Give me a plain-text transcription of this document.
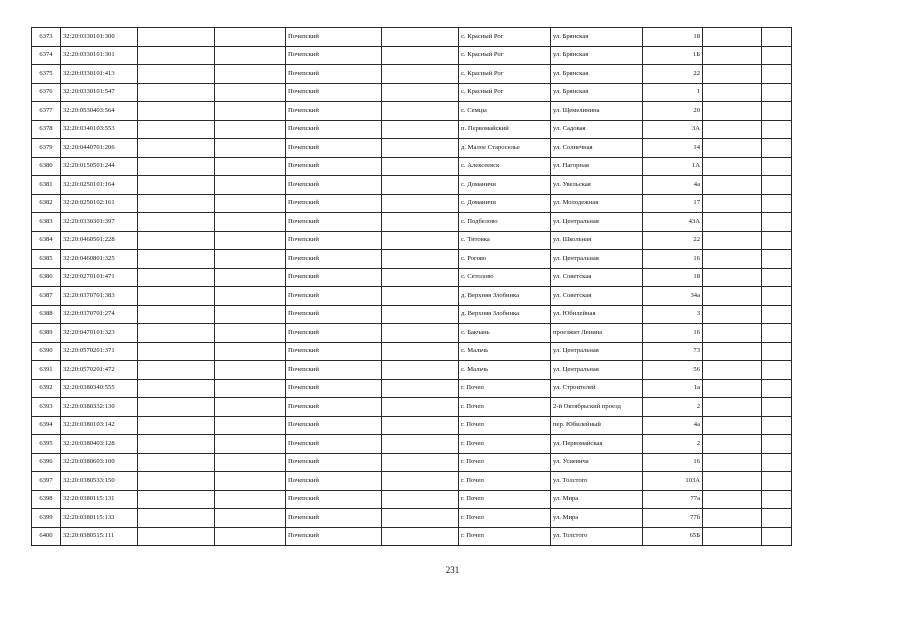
6373	32:20:0330101:300			Почепский		с. Красный Рог	ул. Брянская	18		
6374	32:20:0330101:301			Почепский		с. Красный Рог	ул. Брянская	1Б		
6375	32:20:0330101:413			Почепский		с. Красный Рог	ул. Брянская	22		
6376	32:20:0330101:547			Почепский		с. Красный Рог	ул. Брянская	1		
6377	32:20:0530403:564			Почепский		с. Семцы	ул. Щемелинина	20		
6378	32:20:0340103:553			Почепский		п. Первомайский	ул. Садовая	3А		
6379	32:20:0440701:206			Почепский		д. Малое Староселье	ул. Солнечная	14		
6380	32:20:0150501:244			Почепский		с. Алексеевск	ул. Нагорная	1А		
6381	32:20:0250101:164			Почепский		с. Доманичи	ул. Увельская	4а		
6382	32:20:0250102:161			Почепский		с. Доманичи	ул. Молодежная	17		
6383	32:20:0330301:397			Почепский		с. Подбелово	ул. Центральная	43А		
6384	32:20:0460501:228			Почепский		с. Титовка	ул. Школьная	22		
6385	32:20:0460801:325			Почепский		с. Рогово	ул. Центральная	16		
6386	32:20:0270101:471			Почепский		с. Сетолово	ул. Советская	18		
6387	32:20:0370701:383			Почепский		д. Верхняя Злобинка	ул. Советская	34а		
6388	32:20:0370701:274			Почепский		д. Верхняя Злобинка	ул. Юбилейная	3		
6389	32:20:0470101:323			Почепский		с. Бакчань	проезжит Ленина	16		
6390	32:20:0570201:371			Почепский		с. Мальчь	ул. Центральная	73		
6391	32:20:0570201:472			Почепский		с. Мальчь	ул. Центральная	56		
6392	32:20:0380340:555			Почепский		г. Почеп	ул. Строителей	1а		
6393	32:20:0380332:130			Почепский		г. Почеп	2-й Октябрьский проезд	2		
6394	32:20:0380103:142			Почепский		г. Почеп	пер. Юбилейный	4а		
6395	32:20:0380403:128			Почепский		г. Почеп	ул. Первомайская	2		
6396	32:20:0380603:100			Почепский		г. Почеп	ул. Усиевича	16		
6397	32:20:0380533:150			Почепский		г. Почеп	ул. Толстого	103А		
6398	32:20:0380115:131			Почепский		г. Почеп	ул. Мира	77а		
6399	32:20:0380115:133			Почепский		г. Почеп	ул. Мира	77б		
6400	32:20:0380515:111			Почепский		г. Почеп	ул. Толстого	65Б		
231
